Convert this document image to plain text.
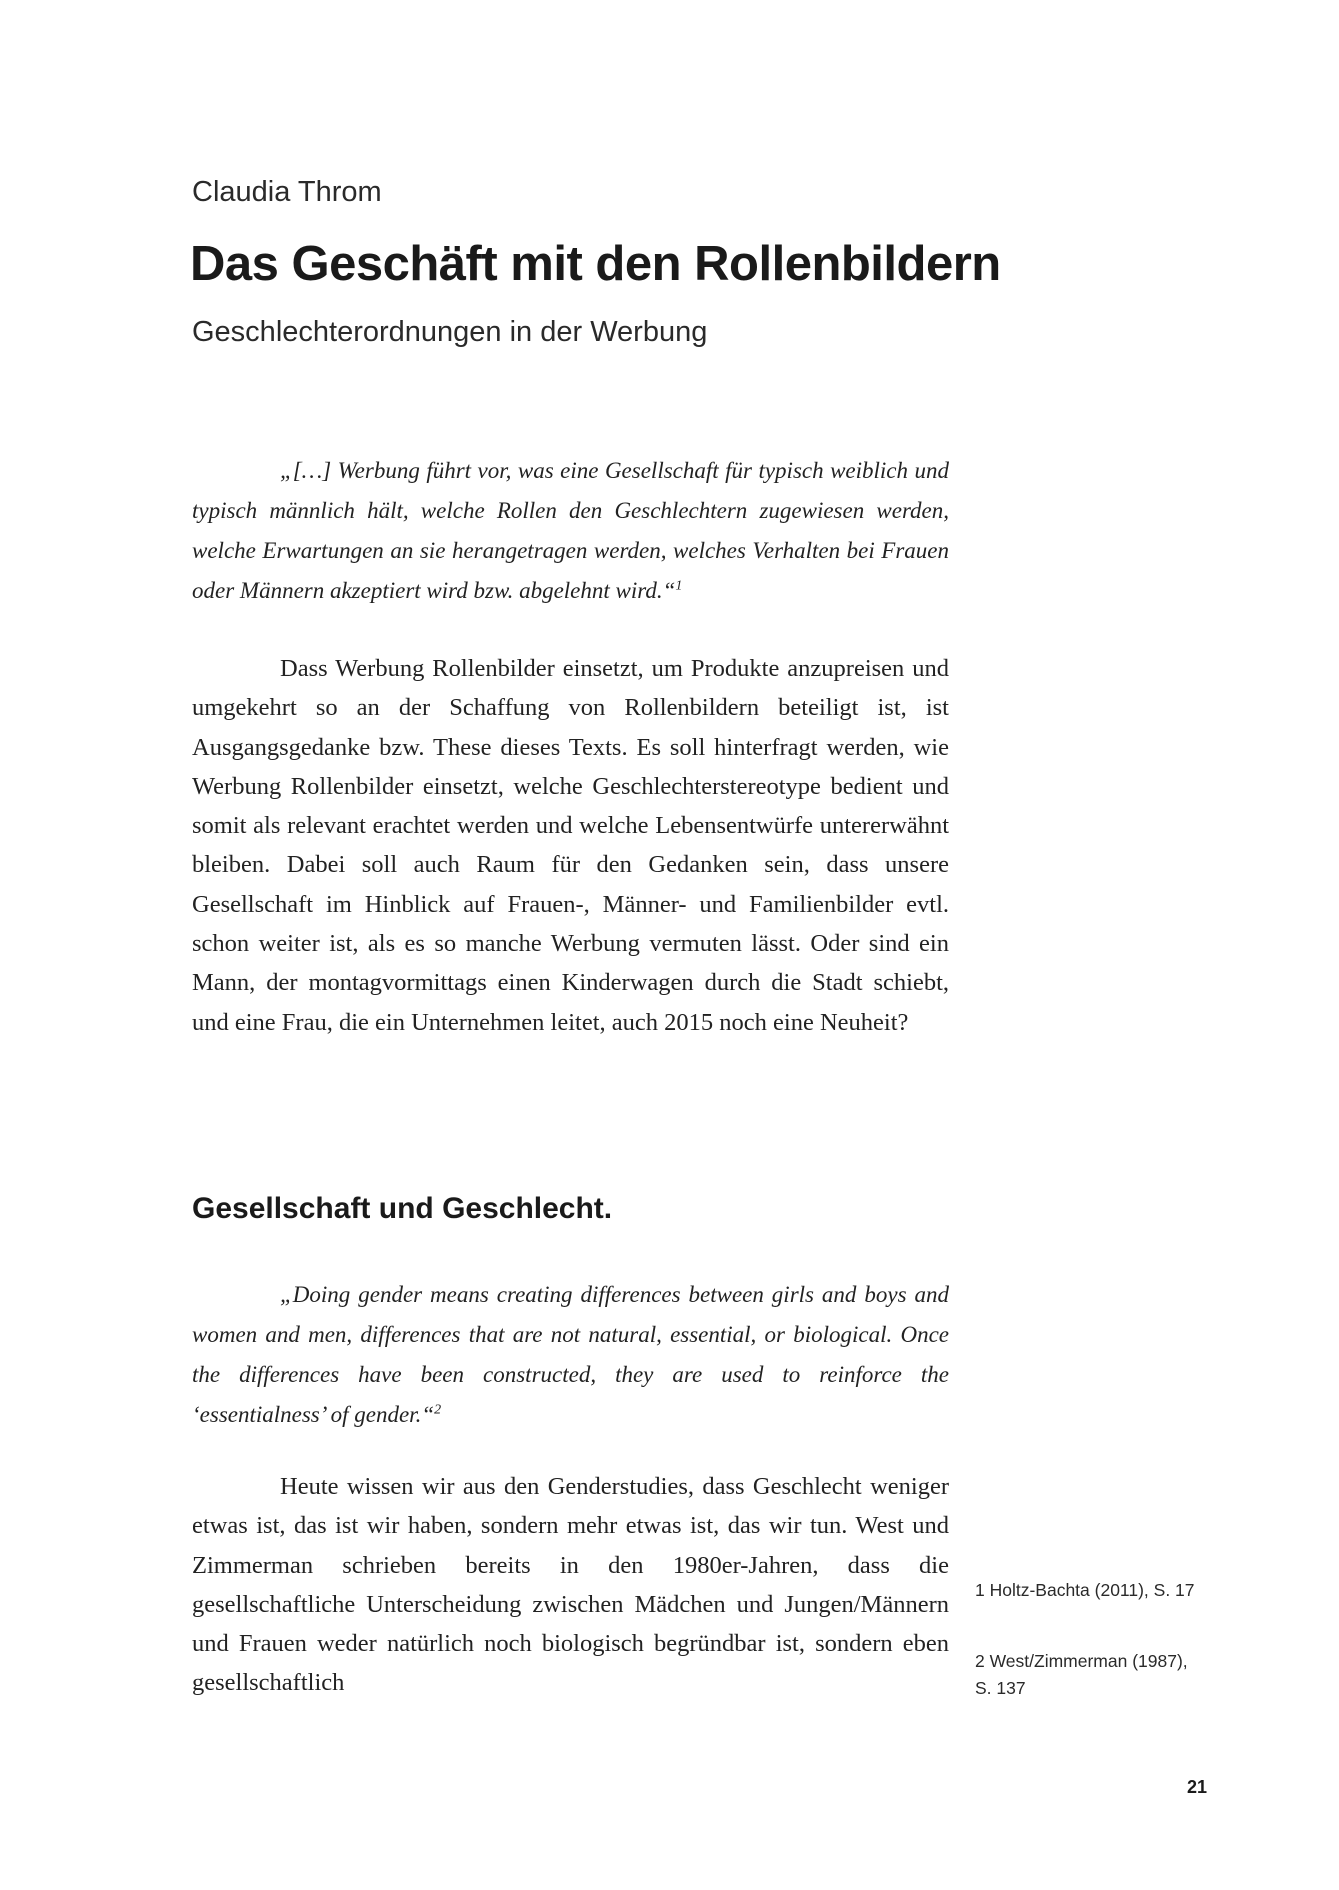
Claudia Throm
Das Geschäft mit den Rollenbildern
Geschlechterordnungen in der Werbung

„[…] Werbung führt vor, was eine Gesellschaft für typisch weiblich und typisch männlich hält, welche Rollen den Geschlechtern zugewiesen werden, welche Erwartungen an sie herangetragen werden, welches Verhalten bei Frauen oder Männern akzeptiert wird bzw. abgelehnt wird.“$^1$

Dass Werbung Rollenbilder einsetzt, um Produkte anzupreisen und umgekehrt so an der Schaffung von Rollenbildern beteiligt ist, ist Ausgangsgedanke bzw. These dieses Texts. Es soll hinterfragt werden, wie Werbung Rollenbilder einsetzt, welche Geschlechterstereotype bedient und somit als relevant erachtet werden und welche Lebensentwürfe untererwähnt bleiben. Dabei soll auch Raum für den Gedanken sein, dass unsere Gesellschaft im Hinblick auf Frauen-, Männer- und Familienbilder evtl. schon weiter ist, als es so manche Werbung vermuten lässt. Oder sind ein Mann, der montagvormittags einen Kinderwagen durch die Stadt schiebt, und eine Frau, die ein Unternehmen leitet, auch 2015 noch eine Neuheit?

Gesellschaft und Geschlecht.

„Doing gender means creating differences between girls and boys and women and men, differences that are not natural, essential, or biological. Once the differences have been constructed, they are used to reinforce the ‘essentialness’ of gender.“$^2$

Heute wissen wir aus den Genderstudies, dass Geschlecht weniger etwas ist, das ist wir haben, sondern mehr etwas ist, das wir tun. West und Zimmerman schrieben bereits in den 1980er-Jahren, dass die gesellschaftliche Unterscheidung zwischen Mädchen und Jungen/Männern und Frauen weder natürlich noch biologisch begründbar ist, sondern eben gesellschaftlich

1 Holtz-Bachta (2011), S. 17
2 West/Zimmerman (1987), S. 137
21
